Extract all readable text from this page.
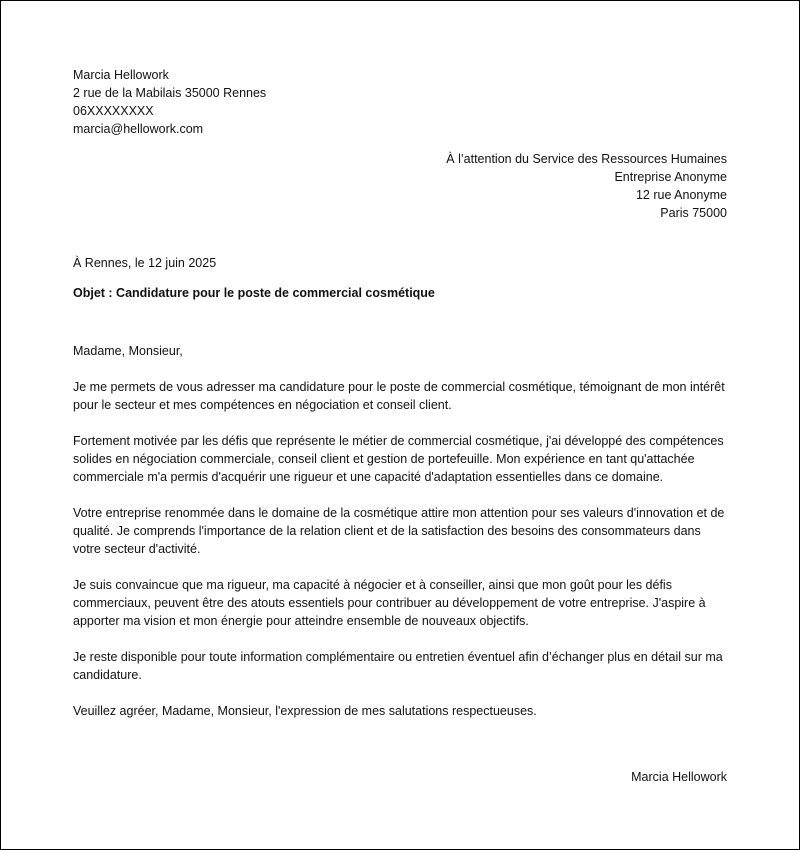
Marcia Hellowork
2 rue de la Mabilais 35000 Rennes
06XXXXXXXX
marcia@hellowork.com
À l’attention du Service des Ressources Humaines
Entreprise Anonyme
12 rue Anonyme
Paris 75000
À Rennes, le 12 juin 2025
Objet : Candidature pour le poste de commercial cosmétique

Madame, Monsieur,

Je me permets de vous adresser ma candidature pour le poste de commercial cosmétique, témoignant de mon intérêt pour le secteur et mes compétences en négociation et conseil client.

Fortement motivée par les défis que représente le métier de commercial cosmétique, j'ai développé des compétences solides en négociation commerciale, conseil client et gestion de portefeuille. Mon expérience en tant qu'attachée commerciale m'a permis d'acquérir une rigueur et une capacité d'adaptation essentielles dans ce domaine.

Votre entreprise renommée dans le domaine de la cosmétique attire mon attention pour ses valeurs d'innovation et de qualité. Je comprends l'importance de la relation client et de la satisfaction des besoins des consommateurs dans votre secteur d'activité.

Je suis convaincue que ma rigueur, ma capacité à négocier et à conseiller, ainsi que mon goût pour les défis commerciaux, peuvent être des atouts essentiels pour contribuer au développement de votre entreprise. J'aspire à apporter ma vision et mon énergie pour atteindre ensemble de nouveaux objectifs.

Je reste disponible pour toute information complémentaire ou entretien éventuel afin d’échanger plus en détail sur ma candidature.

Veuillez agréer, Madame, Monsieur, l'expression de mes salutations respectueuses.

Marcia Hellowork
